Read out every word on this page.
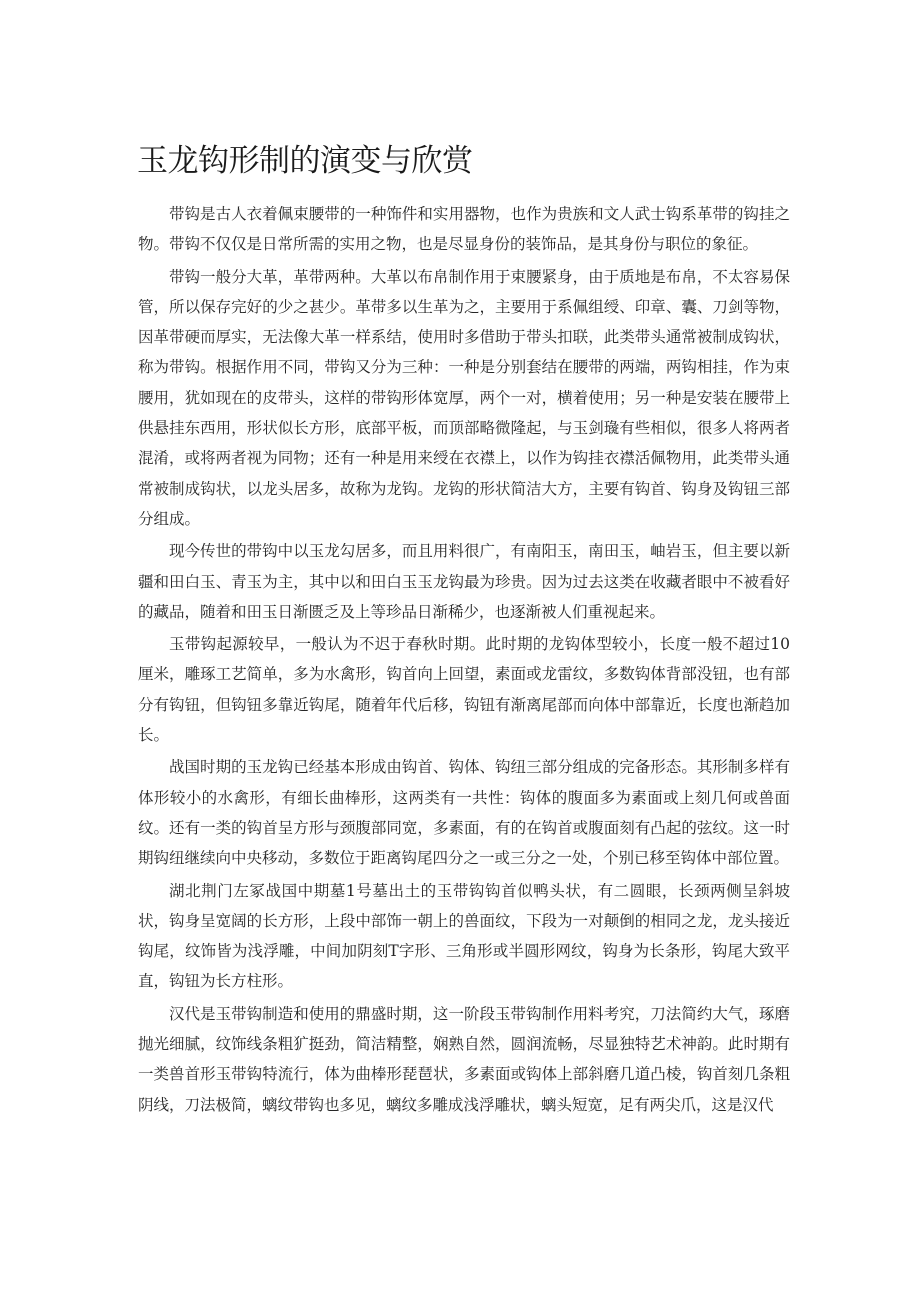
玉龙钩形制的演变与欣赏

带钩是古人衣着佩束腰带的一种饰件和实用器物，也作为贵族和文人武士钩系革带的钩挂之物。带钩不仅仅是日常所需的实用之物，也是尽显身份的装饰品，是其身份与职位的象征。

带钩一般分大革，革带两种。大革以布帛制作用于束腰紧身，由于质地是布帛，不太容易保管，所以保存完好的少之甚少。革带多以生革为之，主要用于系佩组绶、印章、囊、刀剑等物，因革带硬而厚实，无法像大革一样系结，使用时多借助于带头扣联，此类带头通常被制成钩状，称为带钩。根据作用不同，带钩又分为三种：一种是分别套结在腰带的两端，两钩相挂，作为束腰用，犹如现在的皮带头，这样的带钩形体宽厚，两个一对，横着使用；另一种是安装在腰带上供悬挂东西用，形状似长方形，底部平板，而顶部略微隆起，与玉剑璏有些相似，很多人将两者混淆，或将两者视为同物；还有一种是用来绶在衣襟上，以作为钩挂衣襟活佩物用，此类带头通常被制成钩状，以龙头居多，故称为龙钩。龙钩的形状简洁大方，主要有钩首、钩身及钩钮三部分组成。

现今传世的带钩中以玉龙勾居多，而且用料很广，有南阳玉，南田玉，岫岩玉，但主要以新疆和田白玉、青玉为主，其中以和田白玉玉龙钩最为珍贵。因为过去这类在收藏者眼中不被看好的藏品，随着和田玉日渐匮乏及上等珍品日渐稀少，也逐渐被人们重视起来。

玉带钩起源较早，一般认为不迟于春秋时期。此时期的龙钩体型较小，长度一般不超过10厘米，雕琢工艺简单，多为水禽形，钩首向上回望，素面或龙雷纹，多数钩体背部没钮，也有部分有钩钮，但钩钮多靠近钩尾，随着年代后移，钩钮有渐离尾部而向体中部靠近，长度也渐趋加长。

战国时期的玉龙钩已经基本形成由钩首、钩体、钩纽三部分组成的完备形态。其形制多样有体形较小的水禽形，有细长曲棒形，这两类有一共性：钩体的腹面多为素面或上刻几何或兽面纹。还有一类的钩首呈方形与颈腹部同宽，多素面，有的在钩首或腹面刻有凸起的弦纹。这一时期钩纽继续向中央移动，多数位于距离钩尾四分之一或三分之一处，个别已移至钩体中部位置。

湖北荆门左冢战国中期墓1号墓出土的玉带钩钩首似鸭头状，有二圆眼，长颈两侧呈斜坡状，钩身呈宽阔的长方形，上段中部饰一朝上的兽面纹，下段为一对颠倒的相同之龙，龙头接近钩尾，纹饰皆为浅浮雕，中间加阴刻T字形、三角形或半圆形网纹，钩身为长条形，钩尾大致平直，钩钮为长方柱形。

汉代是玉带钩制造和使用的鼎盛时期，这一阶段玉带钩制作用料考究，刀法简约大气，琢磨抛光细腻，纹饰线条粗犷挺劲，简洁精整，娴熟自然，圆润流畅，尽显独特艺术神韵。此时期有一类兽首形玉带钩特流行，体为曲棒形琵琶状，多素面或钩体上部斜磨几道凸棱，钩首刻几条粗阴线，刀法极简，螭纹带钩也多见，螭纹多雕成浅浮雕状，螭头短宽，足有两尖爪，这是汉代
